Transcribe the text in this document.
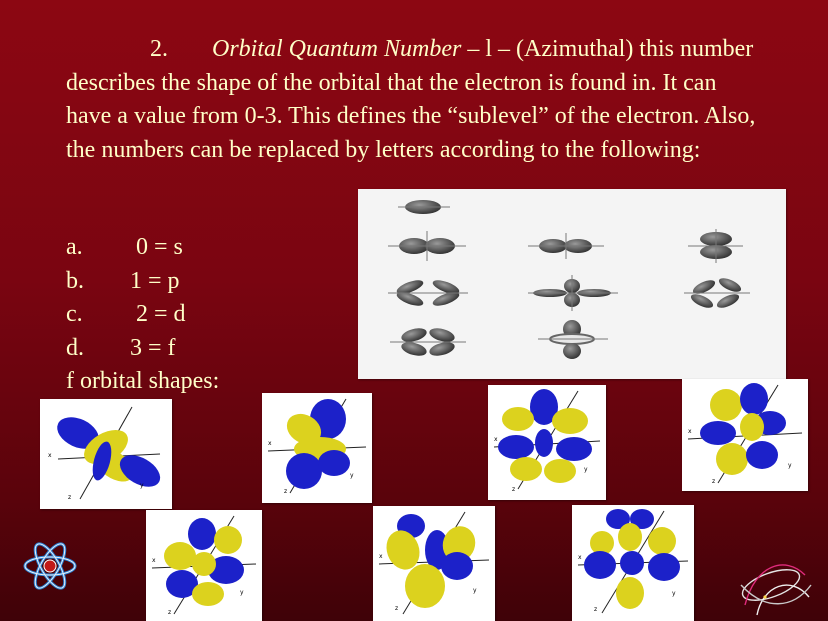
2. Orbital Quantum Number – l – (Azimuthal) this number describes the shape of the orbital that the electron is found in. It can have a value from 0-3. This defines the “sublevel” of the electron. Also, the numbers can be replaced by letters according to the following:
a. 0 = s
b. 1 = p
c. 2 = d
d. 3 = f
f orbital shapes:
x
z
y
x
z
y
x
z
y
x
z
y
x
z
y
x
z
y
x
z
y
